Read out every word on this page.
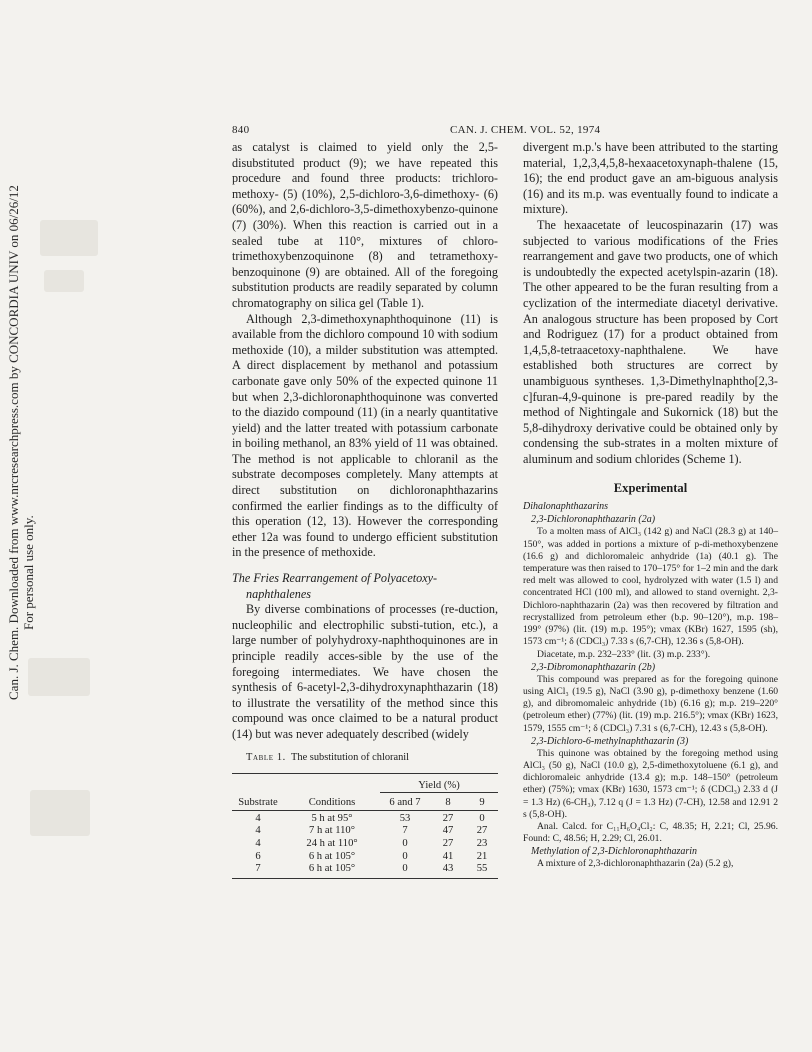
Can. J. Chem. Downloaded from www.nrcresearchpress.com by CONCORDIA UNIV on 06/26/12 For personal use only.
840	CAN. J. CHEM. VOL. 52, 1974

as catalyst is claimed to yield only the 2,5-disubstituted product (9); we have repeated this procedure and found three products: trichloro-methoxy- (5) (10%), 2,5-dichloro-3,6-dimethoxy- (6) (60%), and 2,6-dichloro-3,5-dimethoxybenzo-quinone (7) (30%). When this reaction is carried out in a sealed tube at 110°, mixtures of chloro-trimethoxybenzoquinone (8) and tetramethoxy-benzoquinone (9) are obtained. All of the foregoing substitution products are readily separated by column chromatography on silica gel (Table 1).

Although 2,3-dimethoxynaphthoquinone (11) is available from the dichloro compound 10 with sodium methoxide (10), a milder substitution was attempted. A direct displacement by methanol and potassium carbonate gave only 50% of the expected quinone 11 but when 2,3-dichloronaphthoquinone was converted to the diazido compound (11) (in a nearly quantitative yield) and the latter treated with potassium carbonate in boiling methanol, an 83% yield of 11 was obtained. The method is not applicable to chloranil as the substrate decomposes completely. Many attempts at direct substitution on dichloronaphthazarins confirmed the earlier findings as to the difficulty of this operation (12, 13). However the corresponding ether 12a was found to undergo efficient substitution in the presence of methoxide.

The Fries Rearrangement of Polyacetoxy-
naphthalenes

By diverse combinations of processes (re-duction, nucleophilic and electrophilic substi-tution, etc.), a large number of polyhydroxy-naphthoquinones are in principle readily acces-sible by the use of the foregoing intermediates. We have chosen the synthesis of 6-acetyl-2,3-dihydroxynaphthazarin (18) to illustrate the versatility of the method since this compound was once claimed to be a natural product (14) but was never adequately described (widely

Table 1. The substitution of chloranil

		Yield (%)		

Substrate	Conditions	6 and 7	8	9

4	5 h at 95°	53	27	0
4	7 h at 110°	7	47	27
4	24 h at 110°	0	27	23
6	6 h at 105°	0	41	21
7	6 h at 105°	0	43	55

divergent m.p.'s have been attributed to the starting material, 1,2,3,4,5,8-hexaacetoxynaph-thalene (15, 16); the end product gave an am-biguous analysis (16) and its m.p. was eventually found to indicate a mixture).

The hexaacetate of leucospinazarin (17) was subjected to various modifications of the Fries rearrangement and gave two products, one of which is undoubtedly the expected acetylspin-azarin (18). The other appeared to be the furan resulting from a cyclization of the intermediate diacetyl derivative. An analogous structure has been proposed by Cort and Rodriguez (17) for a product obtained from 1,4,5,8-tetraacetoxy-naphthalene. We have established both structures are correct by unambiguous syntheses. 1,3-Dimethylnaphtho[2,3-c]furan-4,9-quinone is pre-pared readily by the method of Nightingale and Sukornick (18) but the 5,8-dihydroxy derivative could be obtained only by condensing the sub-strates in a molten mixture of aluminum and sodium chlorides (Scheme 1).

Experimental
Dihalonaphthazarins
2,3-Dichloronaphthazarin (2a)

To a molten mass of AlCl₃ (142 g) and NaCl (28.3 g) at 140–150°, was added in portions a mixture of p-di-methoxybenzene (16.6 g) and dichloromaleic anhydride (1a) (40.1 g). The temperature was then raised to 170–175° for 1–2 min and the dark red melt was allowed to cool, hydrolyzed with water (1.5 l) and concentrated HCl (100 ml), and allowed to stand overnight. 2,3-Dichloro-naphthazarin (2a) was then recovered by filtration and recrystallized from petroleum ether (b.p. 90–120°), m.p. 198–199° (97%) (lit. (19) m.p. 195°); νmax (KBr) 1627, 1595 (sh), 1573 cm⁻¹; δ (CDCl₃) 7.33 s (6,7-CH), 12.36 s (5,8-OH).

Diacetate, m.p. 232–233° (lit. (3) m.p. 233°).

2,3-Dibromonaphthazarin (2b)

This compound was prepared as for the foregoing quinone using AlCl₃ (19.5 g), NaCl (3.90 g), p-dimethoxy benzene (1.60 g), and dibromomaleic anhydride (1b) (6.16 g); m.p. 219–220° (petroleum ether) (77%) (lit. (19) m.p. 216.5°); νmax (KBr) 1623, 1579, 1555 cm⁻¹; δ (CDCl₃) 7.31 s (6,7-CH), 12.43 s (5,8-OH).

2,3-Dichloro-6-methylnaphthazarin (3)

This quinone was obtained by the foregoing method using AlCl₃ (50 g), NaCl (10.0 g), 2,5-dimethoxytoluene (6.1 g), and dichloromaleic anhydride (13.4 g); m.p. 148–150° (petroleum ether) (75%); νmax (KBr) 1630, 1573 cm⁻¹; δ (CDCl₃) 2.33 d (J = 1.3 Hz) (6-CH₃), 7.12 q (J = 1.3 Hz) (7-CH), 12.58 and 12.91 2 s (5,8-OH).

Anal. Calcd. for C₁₁H₆O₄Cl₂: C, 48.35; H, 2.21; Cl, 25.96. Found: C, 48.56; H, 2.29; Cl, 26.01.

Methylation of 2,3-Dichloronaphthazarin

A mixture of 2,3-dichloronaphthazarin (2a) (5.2 g),
